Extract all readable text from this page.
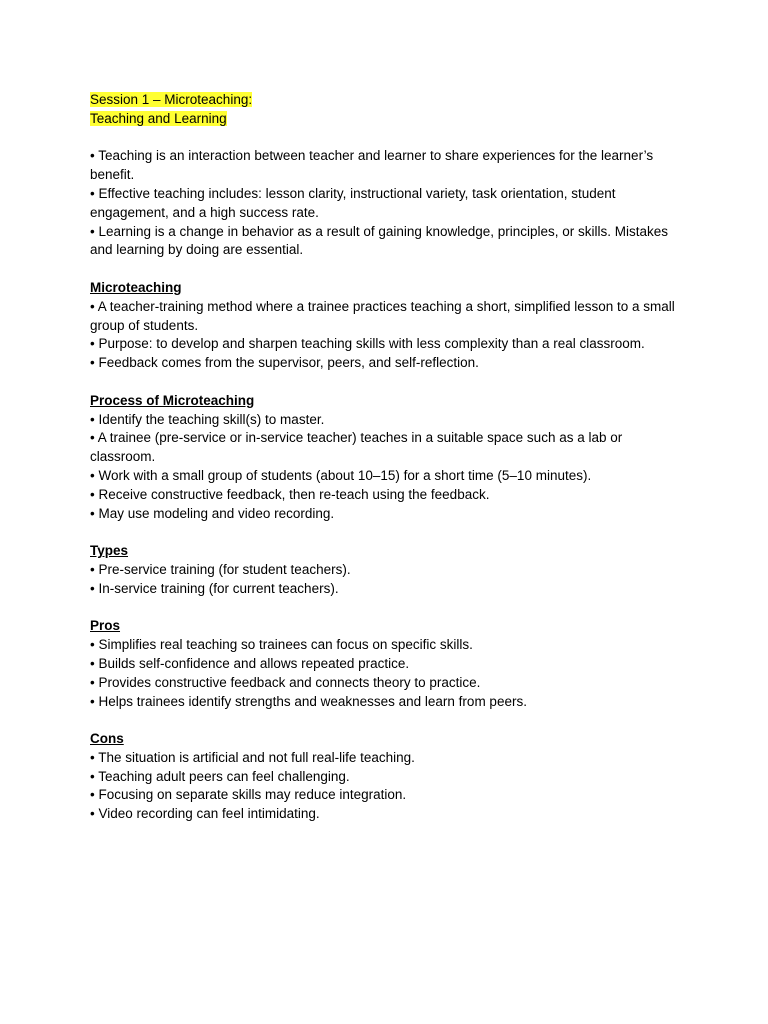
Session 1 – Microteaching:
Teaching and Learning

• Teaching is an interaction between teacher and learner to share experiences for the learner’s benefit.

• Effective teaching includes: lesson clarity, instructional variety, task orientation, student engagement, and a high success rate.

• Learning is a change in behavior as a result of gaining knowledge, principles, or skills. Mistakes and learning by doing are essential.

Microteaching

• A teacher-training method where a trainee practices teaching a short, simplified lesson to a small group of students.

• Purpose: to develop and sharpen teaching skills with less complexity than a real classroom.

• Feedback comes from the supervisor, peers, and self-reflection.

Process of Microteaching

• Identify the teaching skill(s) to master.

• A trainee (pre-service or in-service teacher) teaches in a suitable space such as a lab or classroom.

• Work with a small group of students (about 10–15) for a short time (5–10 minutes).

• Receive constructive feedback, then re-teach using the feedback.

• May use modeling and video recording.

Types

• Pre-service training (for student teachers).

• In-service training (for current teachers).

Pros

• Simplifies real teaching so trainees can focus on specific skills.

• Builds self-confidence and allows repeated practice.

• Provides constructive feedback and connects theory to practice.

• Helps trainees identify strengths and weaknesses and learn from peers.

Cons

• The situation is artificial and not full real-life teaching.

• Teaching adult peers can feel challenging.

• Focusing on separate skills may reduce integration.

• Video recording can feel intimidating.
